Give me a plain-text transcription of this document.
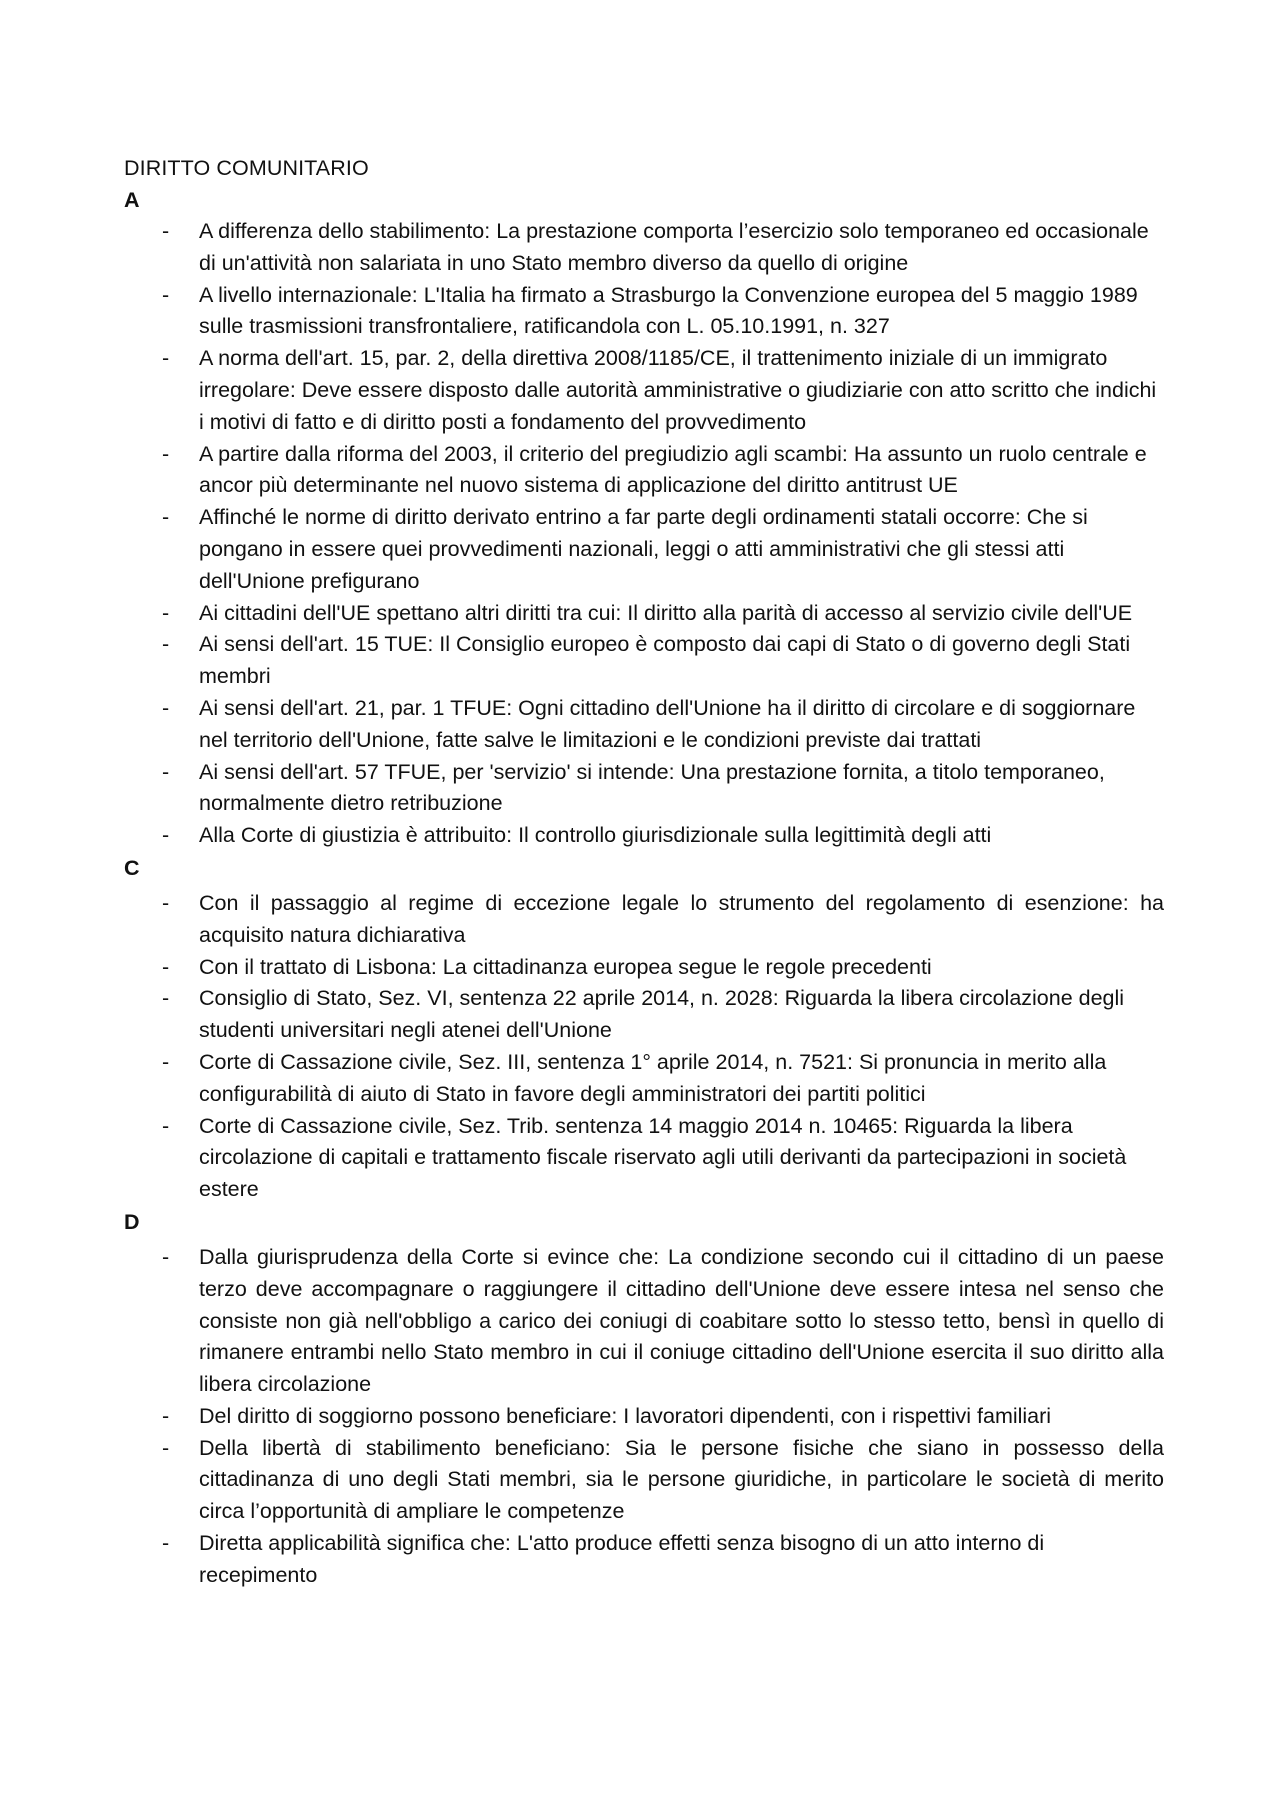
DIRITTO COMUNITARIO

A

- A differenza dello stabilimento: La prestazione comporta l’esercizio solo temporaneo ed occasionale di un'attività non salariata in uno Stato membro diverso da quello di origine
- A livello internazionale: L'Italia ha firmato a Strasburgo la Convenzione europea del 5 maggio 1989 sulle trasmissioni transfrontaliere, ratificandola con L. 05.10.1991, n. 327
- A norma dell'art. 15, par. 2, della direttiva 2008/1185/CE, il trattenimento iniziale di un immigrato irregolare: Deve essere disposto dalle autorità amministrative o giudiziarie con atto scritto che indichi i motivi di fatto e di diritto posti a fondamento del provvedimento
- A partire dalla riforma del 2003, il criterio del pregiudizio agli scambi: Ha assunto un ruolo centrale e ancor più determinante nel nuovo sistema di applicazione del diritto antitrust UE
- Affinché le norme di diritto derivato entrino a far parte degli ordinamenti statali occorre: Che si pongano in essere quei provvedimenti nazionali, leggi o atti amministrativi che gli stessi atti dell'Unione prefigurano
- Ai cittadini dell'UE spettano altri diritti tra cui: Il diritto alla parità di accesso al servizio civile dell'UE
- Ai sensi dell'art. 15 TUE: Il Consiglio europeo è composto dai capi di Stato o di governo degli Stati membri
- Ai sensi dell'art. 21, par. 1 TFUE: Ogni cittadino dell'Unione ha il diritto di circolare e di soggiornare nel territorio dell'Unione, fatte salve le limitazioni e le condizioni previste dai trattati
- Ai sensi dell'art. 57 TFUE, per 'servizio' si intende: Una prestazione fornita, a titolo temporaneo, normalmente dietro retribuzione
- Alla Corte di giustizia è attribuito: Il controllo giurisdizionale sulla legittimità degli atti

C

- Con il passaggio al regime di eccezione legale lo strumento del regolamento di esenzione: ha acquisito natura dichiarativa
- Con il trattato di Lisbona: La cittadinanza europea segue le regole precedenti
- Consiglio di Stato, Sez. VI, sentenza 22 aprile 2014, n. 2028: Riguarda la libera circolazione degli studenti universitari negli atenei dell'Unione
- Corte di Cassazione civile, Sez. III, sentenza 1° aprile 2014, n. 7521: Si pronuncia in merito alla configurabilità di aiuto di Stato in favore degli amministratori dei partiti politici
- Corte di Cassazione civile, Sez. Trib. sentenza 14 maggio 2014 n. 10465: Riguarda la libera circolazione di capitali e trattamento fiscale riservato agli utili derivanti da partecipazioni in società estere

D

- Dalla giurisprudenza della Corte si evince che: La condizione secondo cui il cittadino di un paese terzo deve accompagnare o raggiungere il cittadino dell'Unione deve essere intesa nel senso che consiste non già nell'obbligo a carico dei coniugi di coabitare sotto lo stesso tetto, bensì in quello di rimanere entrambi nello Stato membro in cui il coniuge cittadino dell'Unione esercita il suo diritto alla libera circolazione
- Del diritto di soggiorno possono beneficiare: I lavoratori dipendenti, con i rispettivi familiari
- Della libertà di stabilimento beneficiano: Sia le persone fisiche che siano in possesso della cittadinanza di uno degli Stati membri, sia le persone giuridiche, in particolare le società di merito circa l’opportunità di ampliare le competenze
- Diretta applicabilità significa che: L'atto produce effetti senza bisogno di un atto interno di recepimento
